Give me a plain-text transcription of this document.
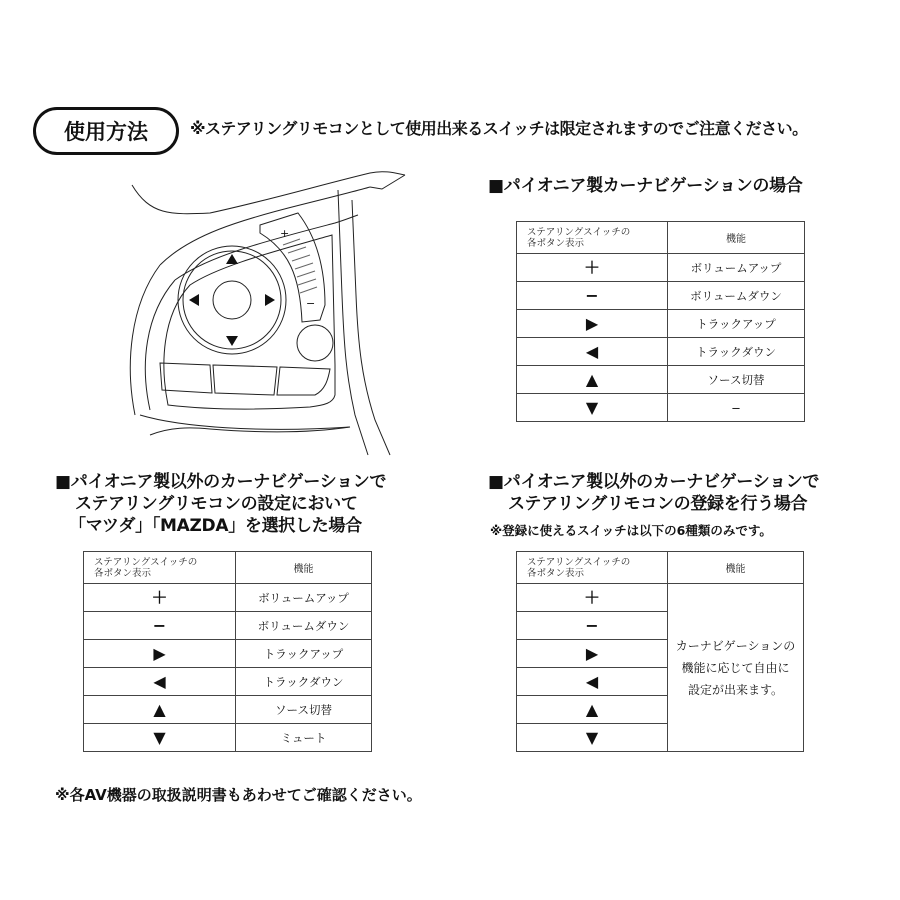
使用方法	※ステアリングリモコンとして使用出来るスイッチは限定されますのでご注意ください。
+
−
■パイオニア製カーナビゲーションの場合
ステアリングスイッチの
各ボタン表示	機能
＋	ボリュームアップ
−	ボリュームダウン
▶	トラックアップ
◀	トラックダウン
▲	ソース切替
▼	−
■パイオニア製以外のカーナビゲーションで
ステアリングリモコンの設定において
「マツダ」「MAZDA」を選択した場合
ステアリングスイッチの
各ボタン表示	機能
＋	ボリュームアップ
−	ボリュームダウン
▶	トラックアップ
◀	トラックダウン
▲	ソース切替
▼	ミュート
■パイオニア製以外のカーナビゲーションで
ステアリングリモコンの登録を行う場合
※登録に使えるスイッチは以下の6種類のみです。
ステアリングスイッチの
各ボタン表示	機能
＋	カーナビゲーションの
機能に応じて自由に
設定が出来ます。

−	
▶	
◀	
▲	
▼	
※各AV機器の取扱説明書もあわせてご確認ください。
